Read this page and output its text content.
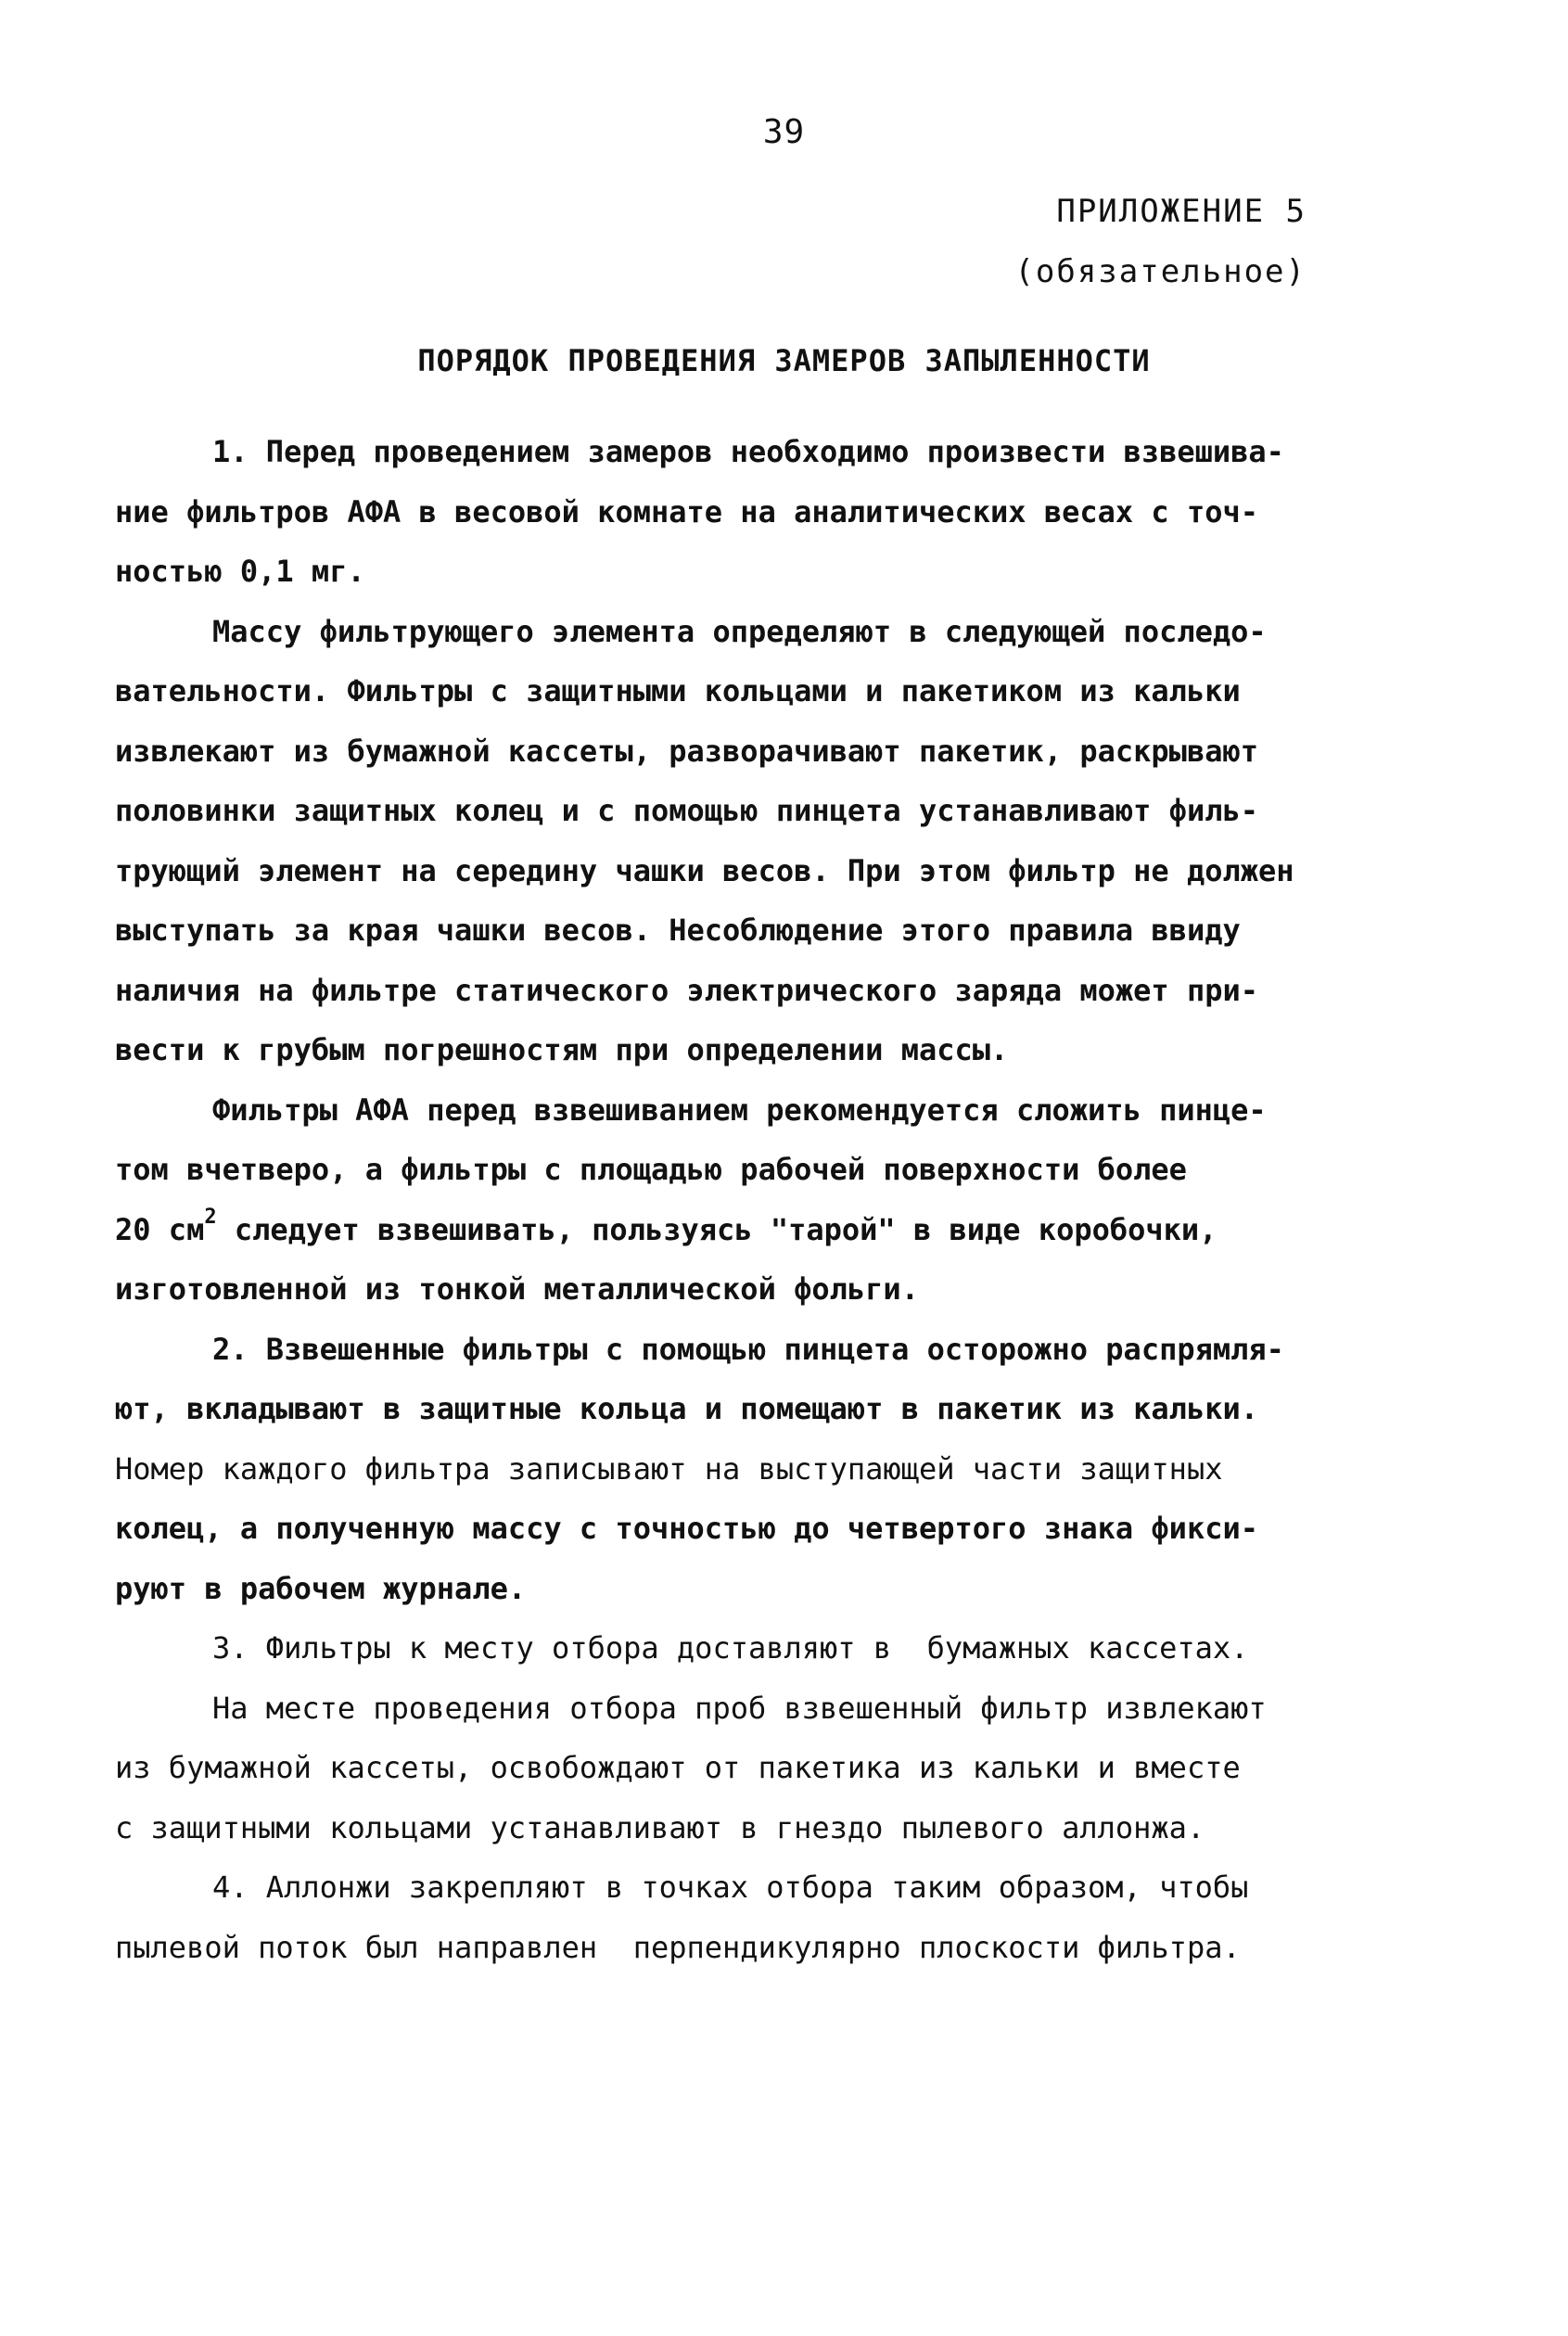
39
ПРИЛОЖЕНИЕ 5
(обязательное)
ПОРЯДОК ПРОВЕДЕНИЯ ЗАМЕРОВ ЗАПЫЛЕННОСТИ
1. Перед проведением замеров необходимо произвести взвешива-
ние фильтров АФА в весовой комнате на аналитических весах с точ-
ностью 0,1 мг.
Массу фильтрующего элемента определяют в следующей последо-
вательности. Фильтры с защитными кольцами и пакетиком из кальки
извлекают из бумажной кассеты, разворачивают пакетик, раскрывают
половинки защитных колец и с помощью пинцета устанавливают филь-
трующий элемент на середину чашки весов. При этом фильтр не должен
выступать за края чашки весов. Несоблюдение этого правила ввиду
наличия на фильтре статического электрического заряда может при-
вести к грубым погрешностям при определении массы.
Фильтры АФА перед взвешиванием рекомендуется сложить пинце-
том вчетверо, а фильтры с площадью рабочей поверхности более
20 $см^2$ следует взвешивать, пользуясь "тарой" в виде коробочки,
изготовленной из тонкой металлической фольги.
2. Взвешенные фильтры с помощью пинцета осторожно распрямля-
ют, вкладывают в защитные кольца и помещают в пакетик из кальки.
Номер каждого фильтра записывают на выступающей части защитных
колец, а полученную массу с точностью до четвертого знака фикси-
руют в рабочем журнале.
3. Фильтры к месту отбора доставляют в  бумажных кассетах.
На месте проведения отбора проб взвешенный фильтр извлекают
из бумажной кассеты, освобождают от пакетика из кальки и вместе
с защитными кольцами устанавливают в гнездо пылевого аллонжа.
4. Аллонжи закрепляют в точках отбора таким образом, чтобы
пылевой поток был направлен  перпендикулярно плоскости фильтра.
